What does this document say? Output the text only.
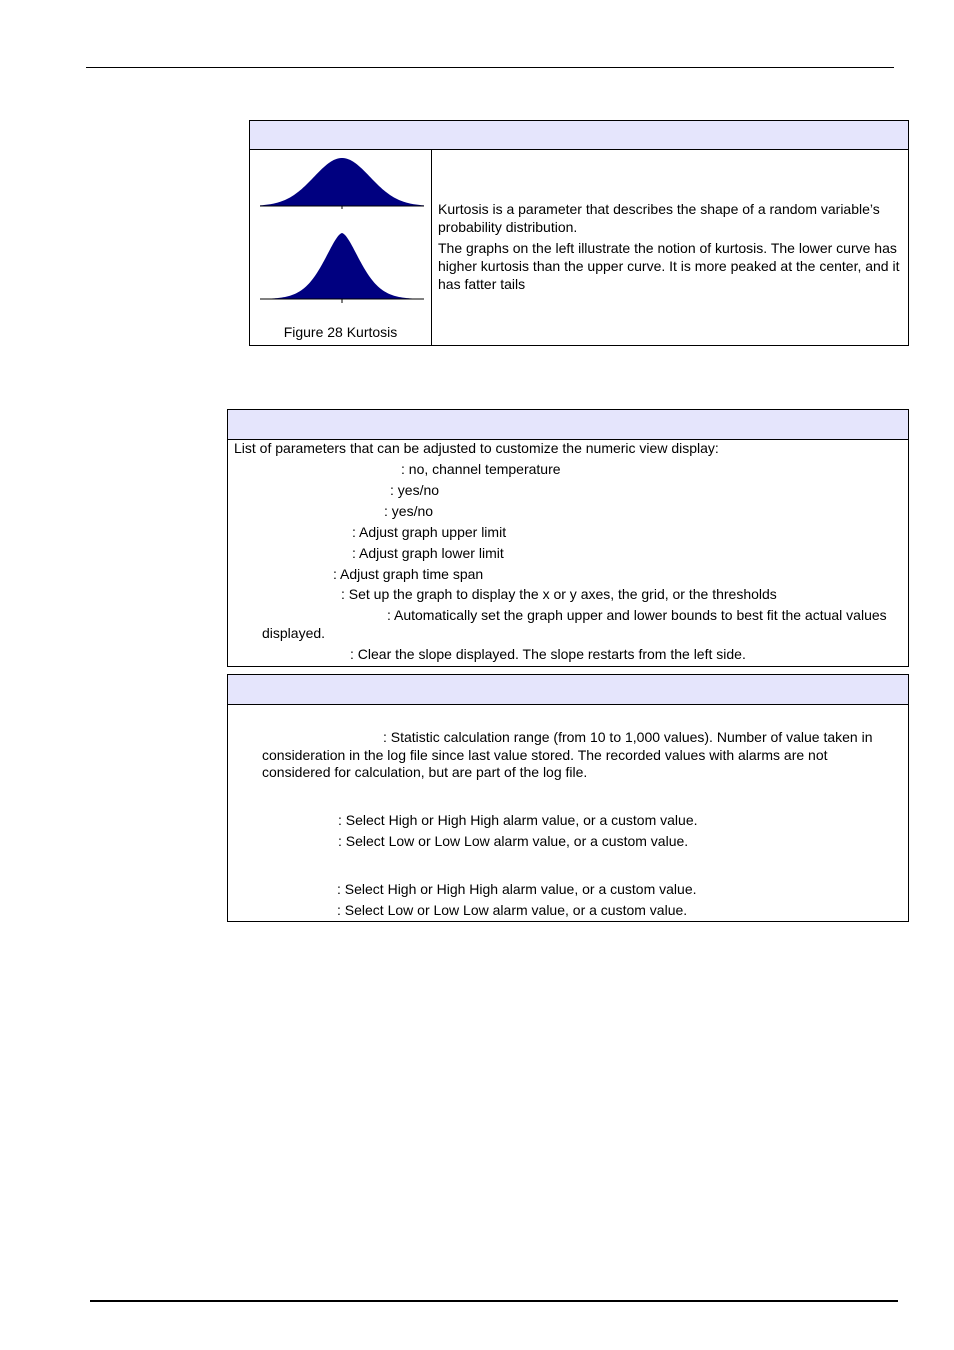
Figure 28 Kurtosis

Kurtosis is a parameter that describes the shape of a random variable’s probability distribution.

The graphs on the left illustrate the notion of kurtosis. The lower curve has higher kurtosis than the upper curve. It is more peaked at the center, and it has fatter tails

List of parameters that can be adjusted to customize the numeric view display:
: no, channel temperature
: yes/no
: yes/no
: Adjust graph upper limit
: Adjust graph lower limit
: Adjust graph time span
: Set up the graph to display the x or y axes, the grid, or the thresholds
: Automatically set the graph upper and lower bounds to best fit the actual values
displayed.
: Clear the slope displayed. The slope restarts from the left side.
: Statistic calculation range (from 10 to 1,000 values). Number of value taken in
consideration in the log file since last value stored. The recorded values with alarms are not
considered for calculation, but are part of the log file.
: Select High or High High alarm value, or a custom value.
: Select Low or Low Low alarm value, or a custom value.
: Select High or High High alarm value, or a custom value.
: Select Low or Low Low alarm value, or a custom value.
